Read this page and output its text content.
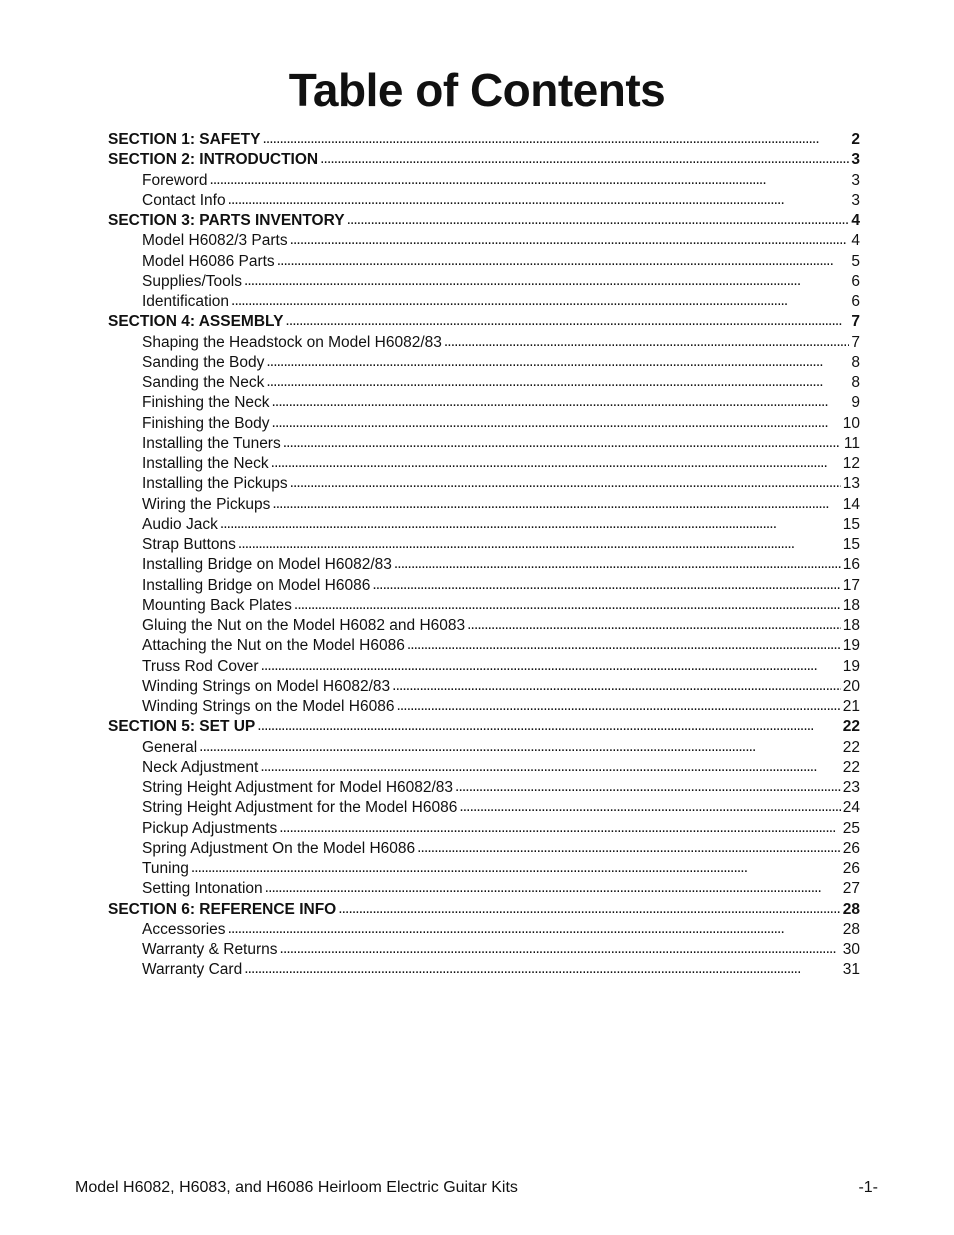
Table of Contents
SECTION 1: SAFETY . . .	2
SECTION 2: INTRODUCTION . . .	3
Foreword . . .	3
Contact Info . . .	3
SECTION 3: PARTS INVENTORY . . .	4
Model H6082/3 Parts . . .	4
Model H6086 Parts . . .	5
Supplies/Tools . . .	6
Identification . . .	6
SECTION 4: ASSEMBLY . . .	7
Shaping the Headstock on Model H6082/83 . . .	7
Sanding the Body . . .	8
Sanding the Neck . . .	8
Finishing the Neck . . .	9
Finishing the Body . . .	10
Installing the Tuners . . .	11
Installing the Neck . . .	12
Installing the Pickups . . .	13
Wiring the Pickups . . .	14
Audio Jack . . .	15
Strap Buttons . . .	15
Installing Bridge on Model H6082/83 . . .	16
Installing Bridge on Model H6086 . . .	17
Mounting Back Plates . . .	18
Gluing the Nut on the Model H6082 and H6083 . . .	18
Attaching the Nut on the Model H6086 . . .	19
Truss Rod Cover . . .	19
Winding Strings on Model H6082/83 . . .	20
Winding Strings on the Model H6086 . . .	21
SECTION 5: SET UP . . .	22
General . . .	22
Neck Adjustment . . .	22
String Height Adjustment for Model H6082/83 . . .	23
String Height Adjustment for the Model H6086 . . .	24
Pickup Adjustments . . .	25
Spring Adjustment On the Model H6086 . . .	26
Tuning . . .	26
Setting Intonation . . .	27
SECTION 6: REFERENCE INFO . . .	28
Accessories . . .	28
Warranty & Returns . . .	30
Warranty Card . . .	31
Model H6082, H6083, and H6086 Heirloom Electric Guitar Kits	-1-
